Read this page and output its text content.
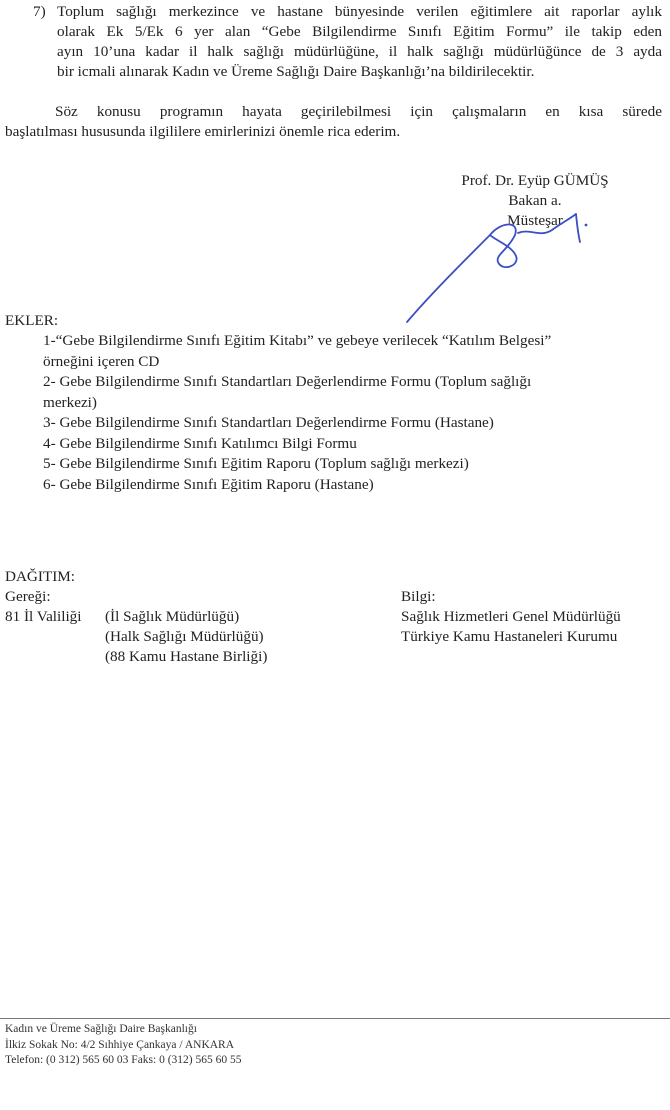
7) Toplum sağlığı merkezince ve hastane bünyesinde verilen eğitimlere ait raporlar aylık
olarak Ek 5/Ek 6 yer alan “Gebe Bilgilendirme Sınıfı Eğitim Formu” ile takip eden
ayın 10’una kadar il halk sağlığı müdürlüğüne, il halk sağlığı müdürlüğünce de 3 ayda
bir icmali alınarak Kadın ve Üreme Sağlığı Daire Başkanlığı’na bildirilecektir.
Söz konusu programın hayata geçirilebilmesi için çalışmaların en kısa sürede
başlatılması hususunda ilgililere emirlerinizi önemle rica ederim.
Prof. Dr. Eyüp GÜMÜŞ
Bakan a.
Müsteşar
EKLER:
1-“Gebe Bilgilendirme Sınıfı Eğitim Kitabı” ve gebeye verilecek “Katılım Belgesi”
örneğini içeren CD
2- Gebe Bilgilendirme Sınıfı Standartları Değerlendirme Formu (Toplum sağlığı
merkezi)
3- Gebe Bilgilendirme Sınıfı Standartları Değerlendirme Formu (Hastane)
4- Gebe Bilgilendirme Sınıfı Katılımcı Bilgi Formu
5- Gebe Bilgilendirme Sınıfı Eğitim Raporu (Toplum sağlığı merkezi)
6- Gebe Bilgilendirme Sınıfı Eğitim Raporu (Hastane)
DAĞITIM:
Gereği:
81 İl Valiliği (İl Sağlık Müdürlüğü)
(Halk Sağlığı Müdürlüğü)
(88 Kamu Hastane Birliği)
Bilgi:
Sağlık Hizmetleri Genel Müdürlüğü
Türkiye Kamu Hastaneleri Kurumu
Kadın ve Üreme Sağlığı Daire Başkanlığı
İlkiz Sokak No: 4/2 Sıhhiye Çankaya / ANKARA
Telefon: (0 312) 565 60 03 Faks: 0 (312) 565 60 55
